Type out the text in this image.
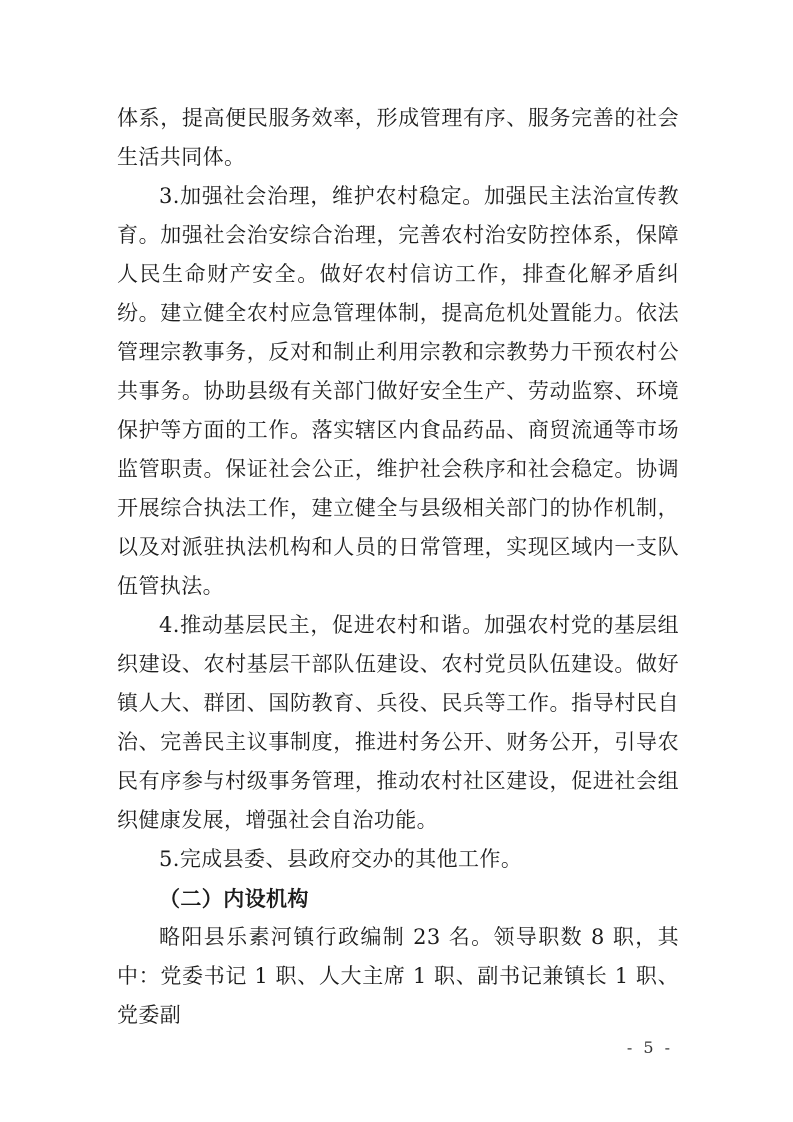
体系，提高便民服务效率，形成管理有序、服务完善的社会生活共同体。

3.加强社会治理，维护农村稳定。加强民主法治宣传教育。加强社会治安综合治理，完善农村治安防控体系，保障人民生命财产安全。做好农村信访工作，排查化解矛盾纠纷。建立健全农村应急管理体制，提高危机处置能力。依法管理宗教事务，反对和制止利用宗教和宗教势力干预农村公共事务。协助县级有关部门做好安全生产、劳动监察、环境保护等方面的工作。落实辖区内食品药品、商贸流通等市场监管职责。保证社会公正，维护社会秩序和社会稳定。协调开展综合执法工作，建立健全与县级相关部门的协作机制，以及对派驻执法机构和人员的日常管理，实现区域内一支队伍管执法。

4.推动基层民主，促进农村和谐。加强农村党的基层组织建设、农村基层干部队伍建设、农村党员队伍建设。做好镇人大、群团、国防教育、兵役、民兵等工作。指导村民自治、完善民主议事制度，推进村务公开、财务公开，引导农民有序参与村级事务管理，推动农村社区建设，促进社会组织健康发展，增强社会自治功能。

5.完成县委、县政府交办的其他工作。

（二）内设机构

略阳县乐素河镇行政编制 23 名。领导职数 8 职，其中：党委书记 1 职、人大主席 1 职、副书记兼镇长 1 职、党委副

- 5 -
